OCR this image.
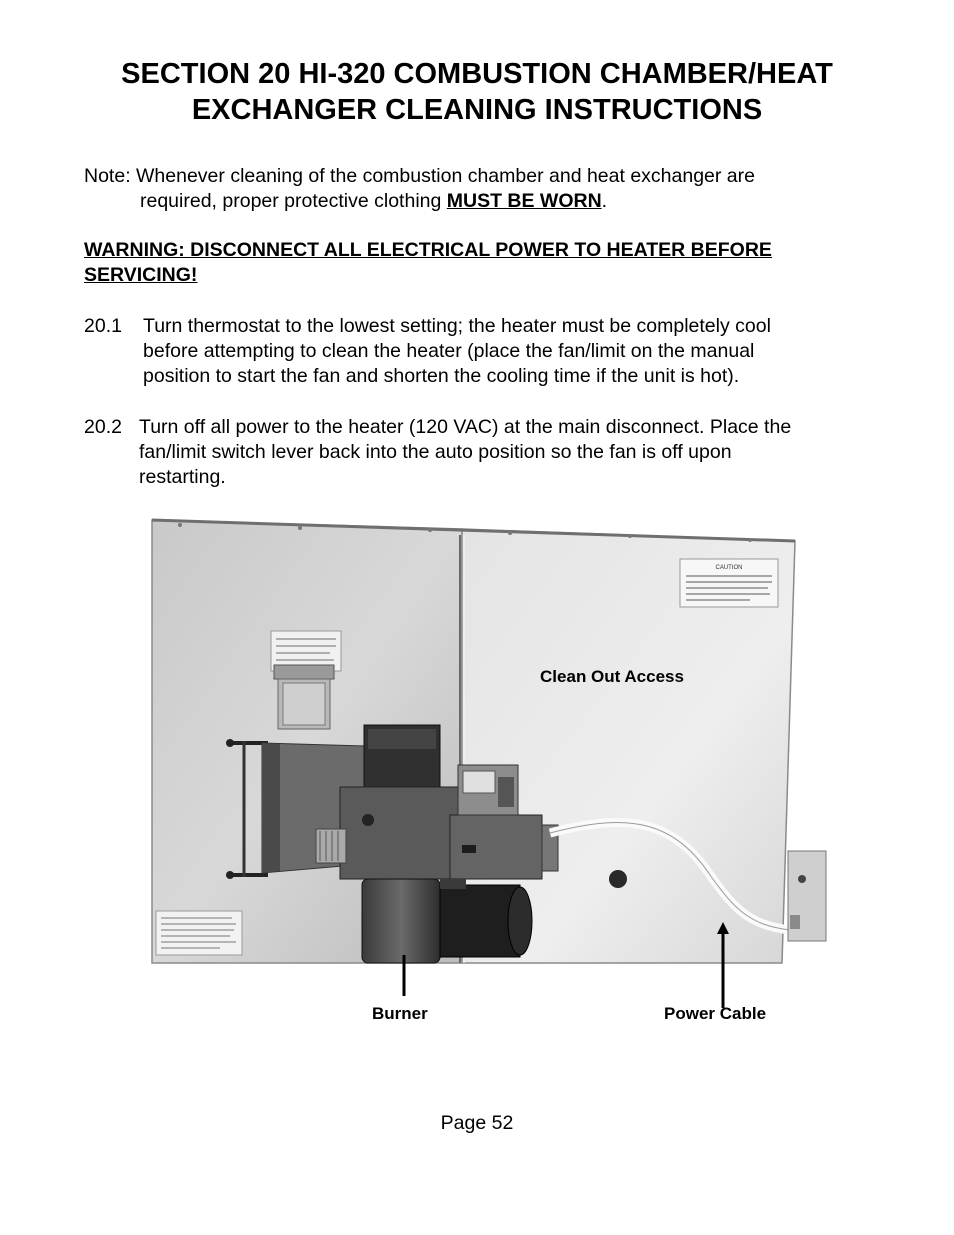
SECTION 20 HI-320 COMBUSTION CHAMBER/HEAT
EXCHANGER CLEANING INSTRUCTIONS
Note: Whenever cleaning of the combustion chamber and heat exchanger are
required, proper protective clothing MUST BE WORN.
WARNING: DISCONNECT ALL ELECTRICAL POWER TO HEATER BEFORE SERVICING!
20.1	Turn thermostat to the lowest setting; the heater must be completely cool
before attempting to clean the heater (place the fan/limit on the manual
position to start the fan and shorten the cooling time if the unit is hot).
20.2 Turn off all power to the heater (120 VAC) at the main disconnect. Place the
fan/limit switch lever back into the auto position so the fan is off upon
restarting.
CAUTION
Clean Out Access
Burner	Power Cable
Page 52
